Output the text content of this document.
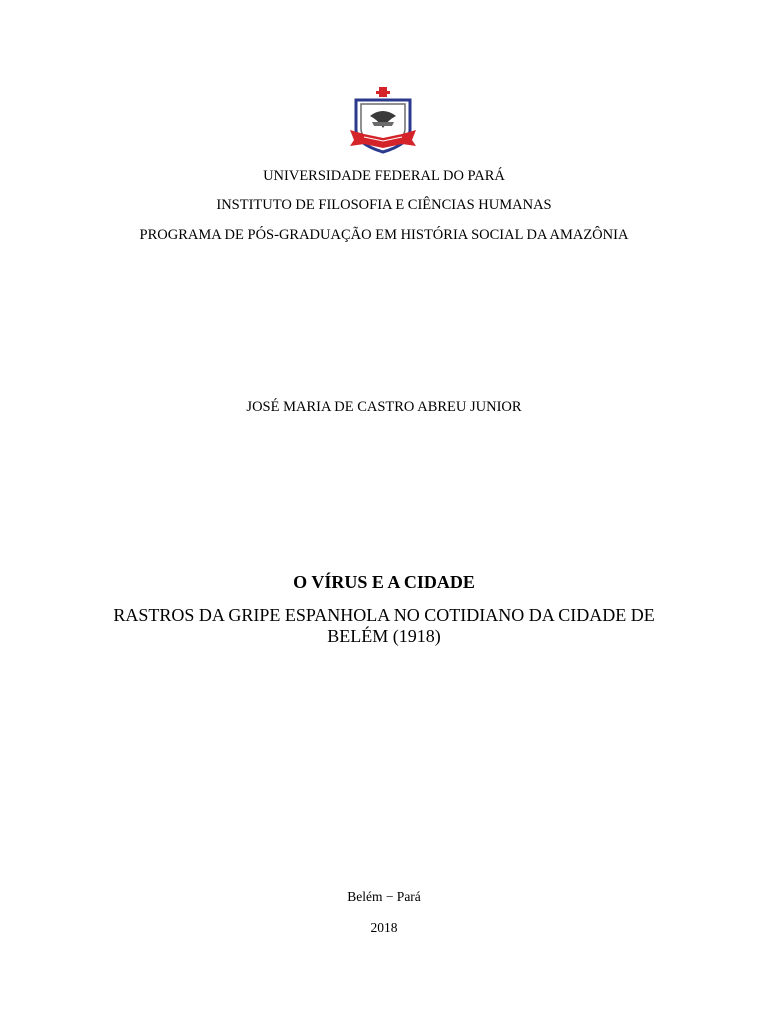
UNIVERSIDADE FEDERAL DO PARÁ
INSTITUTO DE FILOSOFIA E CIÊNCIAS HUMANAS
PROGRAMA DE PÓS-GRADUAÇÃO EM HISTÓRIA SOCIAL DA AMAZÔNIA
JOSÉ MARIA DE CASTRO ABREU JUNIOR
O VÍRUS E A CIDADE
RASTROS DA GRIPE ESPANHOLA NO COTIDIANO DA CIDADE DE
BELÉM (1918)
Belém − Pará
2018
